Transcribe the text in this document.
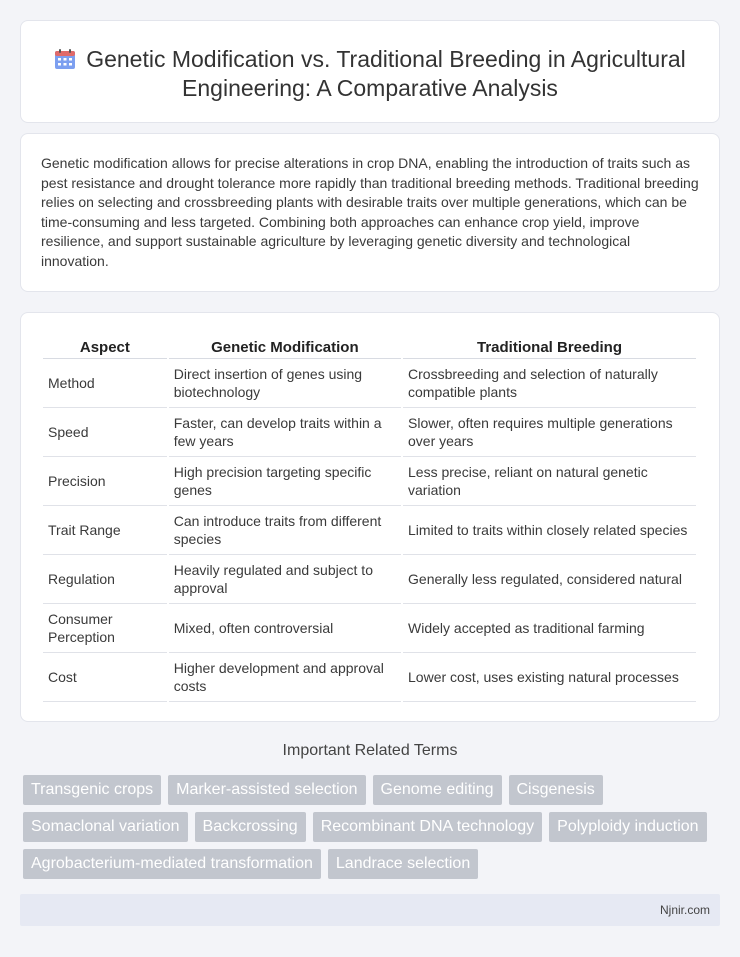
Genetic Modification vs. Traditional Breeding in Agricultural Engineering: A Comparative Analysis

Genetic modification allows for precise alterations in crop DNA, enabling the introduction of traits such as pest resistance and drought tolerance more rapidly than traditional breeding methods. Traditional breeding relies on selecting and crossbreeding plants with desirable traits over multiple generations, which can be time-consuming and less targeted. Combining both approaches can enhance crop yield, improve resilience, and support sustainable agriculture by leveraging genetic diversity and technological innovation.

Aspect	Genetic Modification	Traditional Breeding
Method	Direct insertion of genes using biotechnology	Crossbreeding and selection of naturally compatible plants
Speed	Faster, can develop traits within a few years	Slower, often requires multiple generations over years
Precision	High precision targeting specific genes	Less precise, reliant on natural genetic variation
Trait Range	Can introduce traits from different species	Limited to traits within closely related species
Regulation	Heavily regulated and subject to approval	Generally less regulated, considered natural
Consumer Perception	Mixed, often controversial	Widely accepted as traditional farming
Cost	Higher development and approval costs	Lower cost, uses existing natural processes
Important Related Terms
Transgenic crops	Marker-assisted selection	Genome editing	Cisgenesis
Somaclonal variation	Backcrossing	Recombinant DNA technology	Polyploidy induction
Agrobacterium-mediated transformation	Landrace selection
Njnir.com
